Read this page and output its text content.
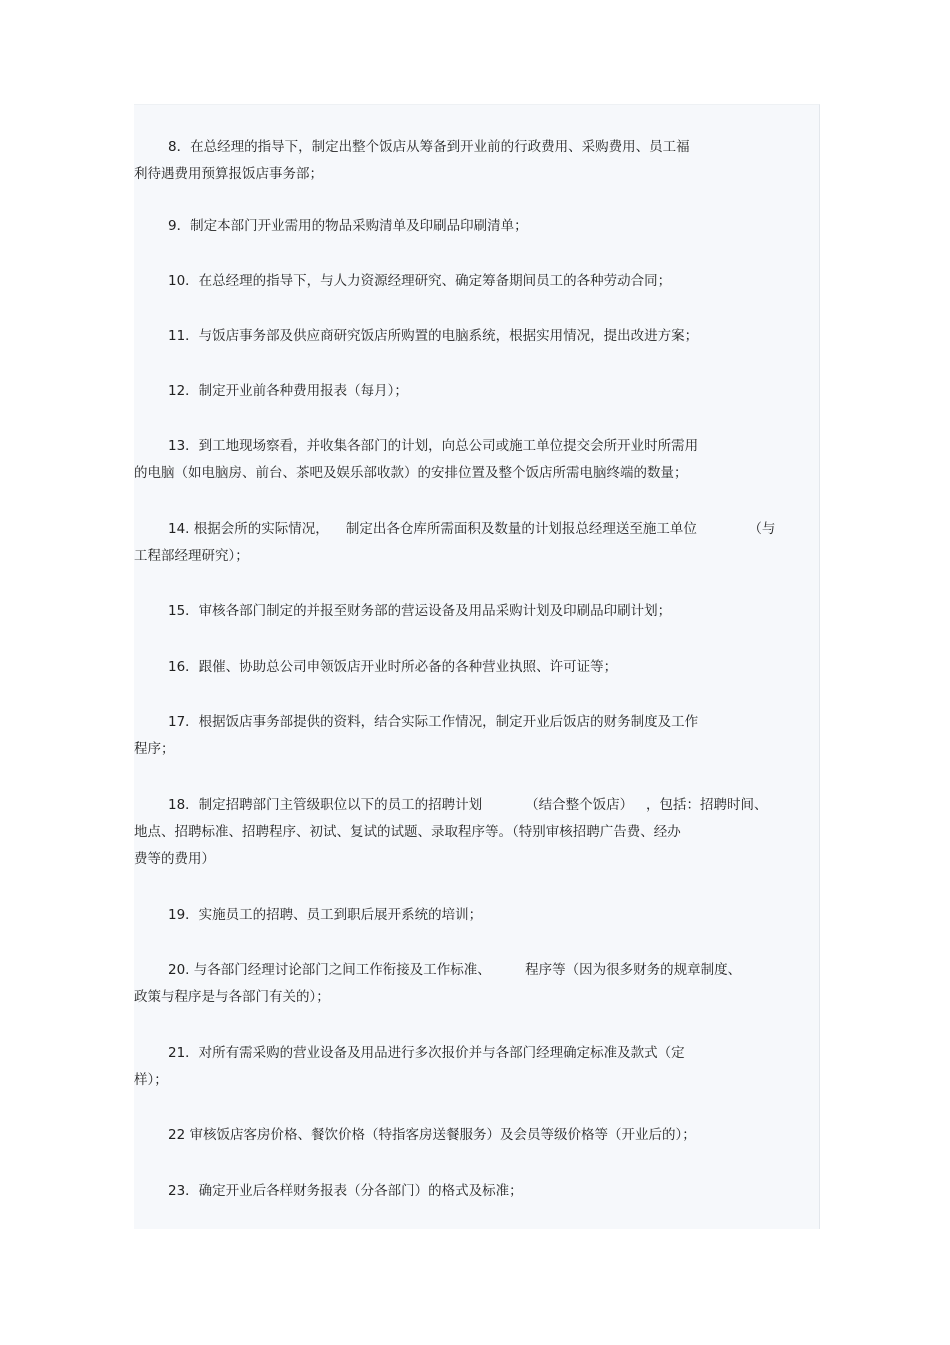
8．在总经理的指导下，制定出整个饭店从筹备到开业前的行政费用、采购费用、员工福
利待遇费用预算报饭店事务部；
9．制定本部门开业需用的物品采购清单及印刷品印刷清单；
10．在总经理的指导下，与人力资源经理研究、确定筹备期间员工的各种劳动合同；
11．与饭店事务部及供应商研究饭店所购置的电脑系统，根据实用情况，提出改进方案；
12．制定开业前各种费用报表（每月）；
13．到工地现场察看，并收集各部门的计划，向总公司或施工单位提交会所开业时所需用
的电脑（如电脑房、前台、茶吧及娱乐部收款）的安排位置及整个饭店所需电脑终端的数量；
14. 根据会所的实际情况，    制定出各仓库所需面积及数量的计划报总经理送至施工单位            （与
工程部经理研究）；
15．审核各部门制定的并报至财务部的营运设备及用品采购计划及印刷品印刷计划；
16．跟催、协助总公司申领饭店开业时所必备的各种营业执照、许可证等；
17．根据饭店事务部提供的资料，结合实际工作情况，制定开业后饭店的财务制度及工作
程序；
18．制定招聘部门主管级职位以下的员工的招聘计划          （结合整个饭店）   ，包括：招聘时间、
地点、招聘标准、招聘程序、初试、复试的试题、录取程序等。（特别审核招聘广告费、经办
费等的费用）
19．实施员工的招聘、员工到职后展开系统的培训；
20. 与各部门经理讨论部门之间工作衔接及工作标准、        程序等（因为很多财务的规章制度、
政策与程序是与各部门有关的）；
21．对所有需采购的营业设备及用品进行多次报价并与各部门经理确定标准及款式（定
样）；
22 审核饭店客房价格、餐饮价格（特指客房送餐服务）及会员等级价格等（开业后的）；
23．确定开业后各样财务报表（分各部门）的格式及标准；
